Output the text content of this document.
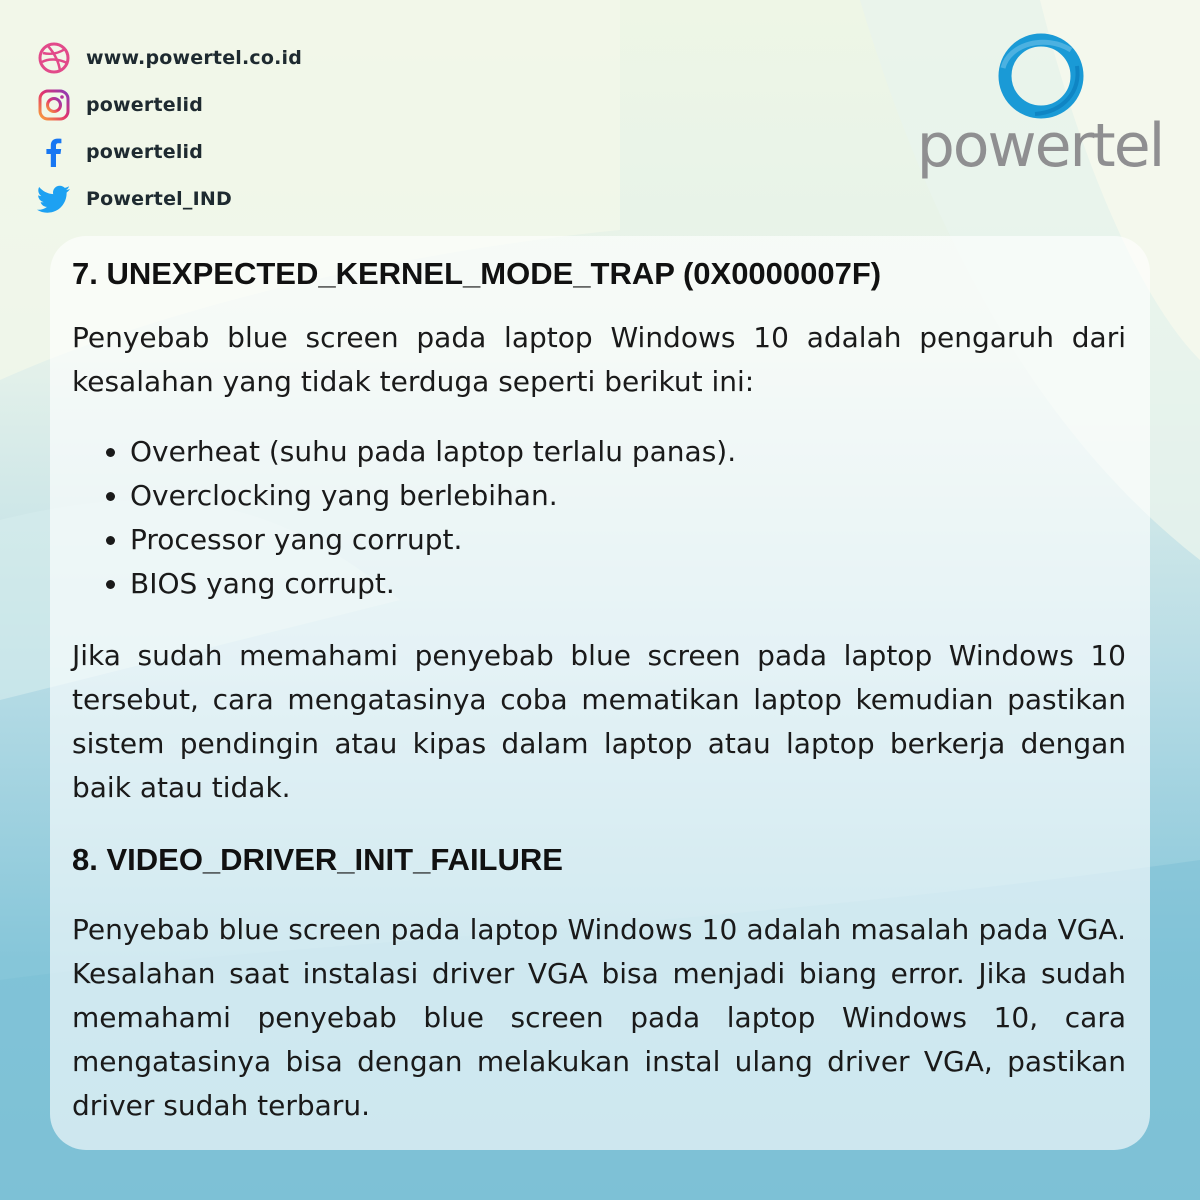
www.powertel.co.id
powertelid
powertelid
Powertel_IND
powertel
7. UNEXPECTED_KERNEL_MODE_TRAP (0X0000007F)

Penyebab blue screen pada laptop Windows 10 adalah pengaruh dari kesalahan yang tidak terduga seperti berikut ini:

• Overheat (suhu pada laptop terlalu panas).
• Overclocking yang berlebihan.
• Processor yang corrupt.
• BIOS yang corrupt.

Jika sudah memahami penyebab blue screen pada laptop Windows 10 tersebut, cara mengatasinya coba mematikan laptop kemudian pastikan sistem pendingin atau kipas dalam laptop atau laptop berkerja dengan baik atau tidak.

8. VIDEO_DRIVER_INIT_FAILURE

Penyebab blue screen pada laptop Windows 10 adalah masalah pada VGA. Kesalahan saat instalasi driver VGA bisa menjadi biang error. Jika sudah memahami penyebab blue screen pada laptop Windows 10, cara mengatasinya bisa dengan melakukan instal ulang driver VGA, pastikan driver sudah terbaru.
